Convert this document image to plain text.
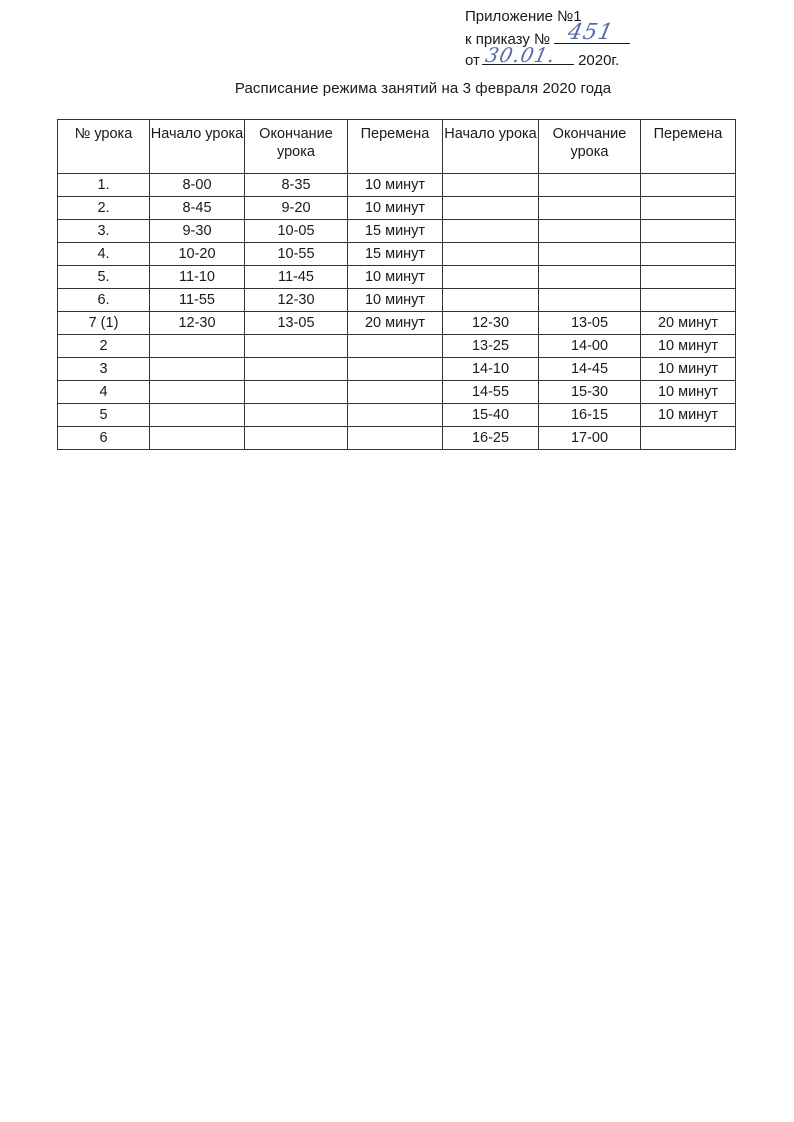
Приложение №1
к приказу № 451
от 30.01. 2020г.
Расписание режима занятий на 3 февраля 2020 года
№ урока	Начало урока	Окончание урока	Перемена	Начало урока	Окончание урока	Перемена
1.	8-00	8-35	10 минут			
2.	8-45	9-20	10 минут			
3.	9-30	10-05	15 минут			
4.	10-20	10-55	15 минут			
5.	11-10	11-45	10 минут			
6.	11-55	12-30	10 минут			
7 (1)	12-30	13-05	20 минут	12-30	13-05	20 минут
2				13-25	14-00	10 минут
3				14-10	14-45	10 минут
4				14-55	15-30	10 минут
5				15-40	16-15	10 минут
6				16-25	17-00	
